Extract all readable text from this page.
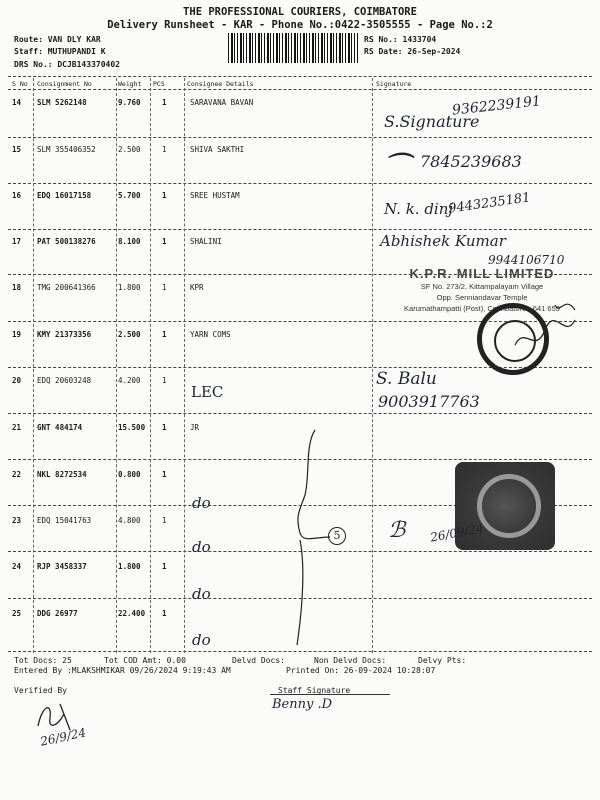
THE PROFESSIONAL COURIERS, COIMBATORE
Delivery Runsheet - KAR - Phone No.:0422-3505555 - Page No.:2
Route: VAN DLY KAR
Staff: MUTHUPANDI K
DRS No.: DCJB143370402
RS No.: 1433704
RS Date: 26-Sep-2024
S No Consignment No	Weight PCS	Consignee Details	Signature
14 SLM 5262148	9.760	1	SARAVANA BAVAN
15 SLM 355406352	2.500	1	SHIVA SAKTHI
16 EDQ 16017158	5.700	1	SREE HUSTAM
17 PAT 500138276	8.100	1	SHALINI
18 TMG 200641366	1.800	1	KPR
19 KMY 21373356	2.500	1	YARN COMS
20 EDQ 20603248	4.200	1
21 GNT 484174	15.500 1	JR
22 NKL 8272534	0.800	1
23 EDQ 15041763	4.800	1
24 RJP 3458337	1.800	1
25 DDG 26977	22.400 1
S.Signature
9362239191
⌒ 7845239683
N. k. dinj
9443235181
Abhishek Kumar
9944106710
K.P.R. MILL LIMITED
SF No. 273/2, Kittampalayam Village
Opp. Senniandavar Temple
Karumathampatti (Post), Coimbatore - 641 659
LEC
S. Balu
9003917763
do
do
do
do
5 ℬ 26/09/24
Tot Docs: 25	Tot COD Amt: 0.00	Delvd Docs:	Non Delvd Docs:	Delvy Pts:
Entered By :MLAKSHMIKAR 09/26/2024 9:19:43 AM	Printed On: 26-09-2024 10:28:07
Verified By	Staff Signature
26/9/24
Benny .D
